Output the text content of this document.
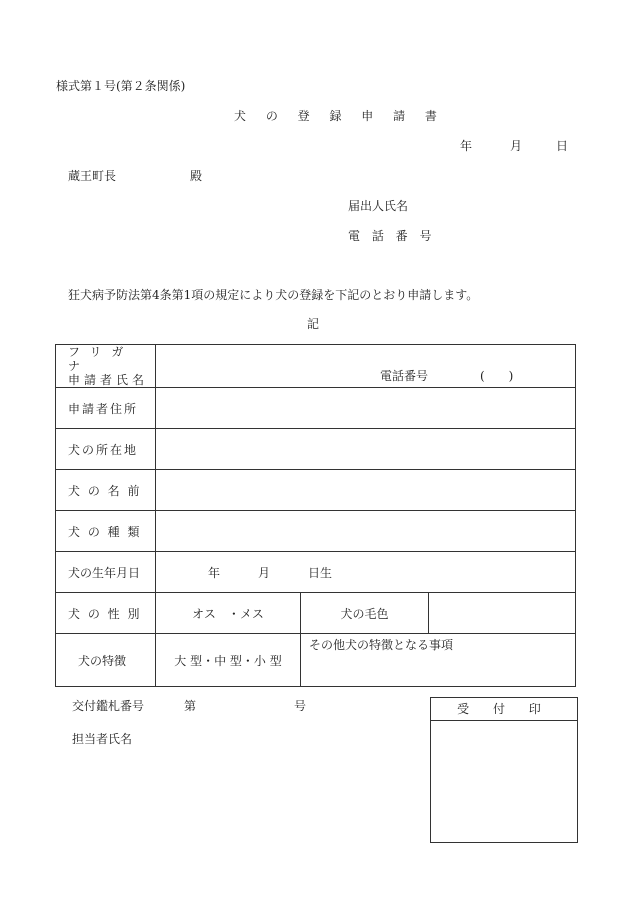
様式第１号(第２条関係)
犬 の 登 録 申 請 書
年	月	日
蔵王町長	殿
届出人氏名
電 話 番 号
狂犬病予防法第4条第1項の規定により犬の登録を下記のとおり申請します。
記
フリガナ
申請者氏名	電話番号 (　　)		

申請者住所			
犬の所在地			
犬 の 名 前			
犬 の 種 類			
犬の生年月日	年 月 日生		
犬 の 性 別	オス　・メス	犬の毛色	
犬の特徴	大 型・中 型・小 型	その他犬の特徴となる事項	
交付鑑札番号	第	号
担当者氏名
受 付 印
